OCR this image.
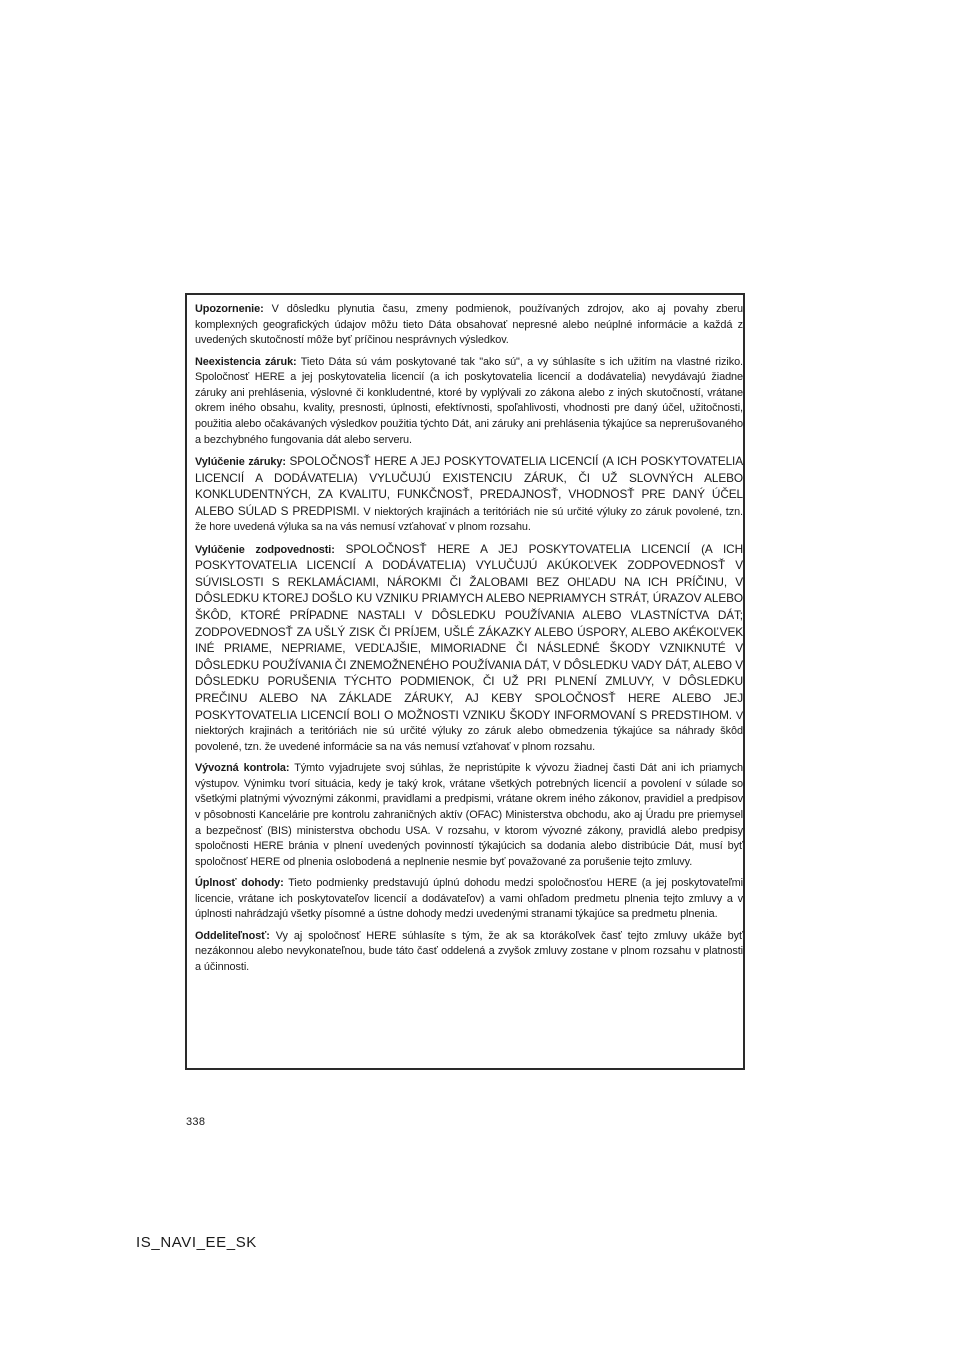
Upozornenie: V dôsledku plynutia času, zmeny podmienok, používaných zdrojov, ako aj povahy zberu komplexných geografických údajov môžu tieto Dáta obsahovať nepresné alebo neúplné informácie a každá z uvedených skutočností môže byť príčinou nesprávnych výsledkov.

Neexistencia záruk: Tieto Dáta sú vám poskytované tak "ako sú", a vy súhlasíte s ich užitím na vlastné riziko. Spoločnosť HERE a jej poskytovatelia licencií (a ich poskytovatelia licencií a dodávatelia) nevydávajú žiadne záruky ani prehlásenia, výslovné či konkludentné, ktoré by vyplývali zo zákona alebo z iných skutočností, vrátane okrem iného obsahu, kvality, presnosti, úplnosti, efektívnosti, spoľahlivosti, vhodnosti pre daný účel, užitočnosti, použitia alebo očakávaných výsledkov použitia týchto Dát, ani záruky ani prehlásenia týkajúce sa neprerušovaného a bezchybného fungovania dát alebo serveru.

Vylúčenie záruky: SPOLOČNOSŤ HERE A JEJ POSKYTOVATELIA LICENCIÍ (A ICH POSKYTOVATELIA LICENCIÍ A DODÁVATELIA) VYLUČUJÚ EXISTENCIU ZÁRUK, ČI UŽ SLOVNÝCH ALEBO KONKLUDENTNÝCH, ZA KVALITU, FUNKČNOSŤ, PREDAJNOSŤ, VHODNOSŤ PRE DANÝ ÚČEL ALEBO SÚLAD S PREDPISMI. V niektorých krajinách a teritóriách nie sú určité výluky zo záruk povolené, tzn. že hore uvedená výluka sa na vás nemusí vzťahovať v plnom rozsahu.

Vylúčenie zodpovednosti: SPOLOČNOSŤ HERE A JEJ POSKYTOVATELIA LICENCIÍ (A ICH POSKYTOVATELIA LICENCIÍ A DODÁVATELIA) VYLUČUJÚ AKÚKOĽVEK ZODPOVEDNOSŤ V SÚVISLOSTI S REKLAMÁCIAMI, NÁROKMI ČI ŽALOBAMI BEZ OHĽADU NA ICH PRÍČINU, V DÔSLEDKU KTOREJ DOŠLO KU VZNIKU PRIAMYCH ALEBO NEPRIAMYCH STRÁT, ÚRAZOV ALEBO ŠKÔD, KTORÉ PRÍPADNE NASTALI V DÔSLEDKU POUŽÍVANIA ALEBO VLASTNÍCTVA DÁT; ZODPOVEDNOSŤ ZA UŠLÝ ZISK ČI PRÍJEM, UŠLÉ ZÁKAZKY ALEBO ÚSPORY, ALEBO AKÉKOĽVEK INÉ PRIAME, NEPRIAME, VEDĽAJŠIE, MIMORIADNE ČI NÁSLEDNÉ ŠKODY VZNIKNUTÉ V DÔSLEDKU POUŽÍVANIA ČI ZNEMOŽNENÉHO POUŽÍVANIA DÁT, V DÔSLEDKU VADY DÁT, ALEBO V DÔSLEDKU PORUŠENIA TÝCHTO PODMIENOK, ČI UŽ PRI PLNENÍ ZMLUVY, V DÔSLEDKU PREČINU ALEBO NA ZÁKLADE ZÁRUKY, AJ KEBY SPOLOČNOSŤ HERE ALEBO JEJ POSKYTOVATELIA LICENCIÍ BOLI O MOŽNOSTI VZNIKU ŠKODY INFORMOVANÍ S PREDSTIHOM. V niektorých krajinách a teritóriách nie sú určité výluky zo záruk alebo obmedzenia týkajúce sa náhrady škôd povolené, tzn. že uvedené informácie sa na vás nemusí vzťahovať v plnom rozsahu.

Vývozná kontrola: Týmto vyjadrujete svoj súhlas, že nepristúpite k vývozu žiadnej časti Dát ani ich priamych výstupov. Výnimku tvorí situácia, kedy je taký krok, vrátane všetkých potrebných licencií a povolení v súlade so všetkými platnými vývoznými zákonmi, pravidlami a predpismi, vrátane okrem iného zákonov, pravidiel a predpisov v pôsobnosti Kancelárie pre kontrolu zahraničných aktív (OFAC) Ministerstva obchodu, ako aj Úradu pre priemysel a bezpečnosť (BIS) ministerstva obchodu USA. V rozsahu, v ktorom vývozné zákony, pravidlá alebo predpisy spoločnosti HERE bránia v plnení uvedených povinností týkajúcich sa dodania alebo distribúcie Dát, musí byť spoločnosť HERE od plnenia oslobodená a neplnenie nesmie byť považované za porušenie tejto zmluvy.

Úplnosť dohody: Tieto podmienky predstavujú úplnú dohodu medzi spoločnosťou HERE (a jej poskytovateľmi licencie, vrátane ich poskytovateľov licencií a dodávateľov) a vami ohľadom predmetu plnenia tejto zmluvy a v úplnosti nahrádzajú všetky písomné a ústne dohody medzi uvedenými stranami týkajúce sa predmetu plnenia.

Oddeliteľnosť: Vy aj spoločnosť HERE súhlasíte s tým, že ak sa ktorákoľvek časť tejto zmluvy ukáže byť nezákonnou alebo nevykonateľnou, bude táto časť oddelená a zvyšok zmluvy zostane v plnom rozsahu v platnosti a účinnosti.

338
IS_NAVI_EE_SK
